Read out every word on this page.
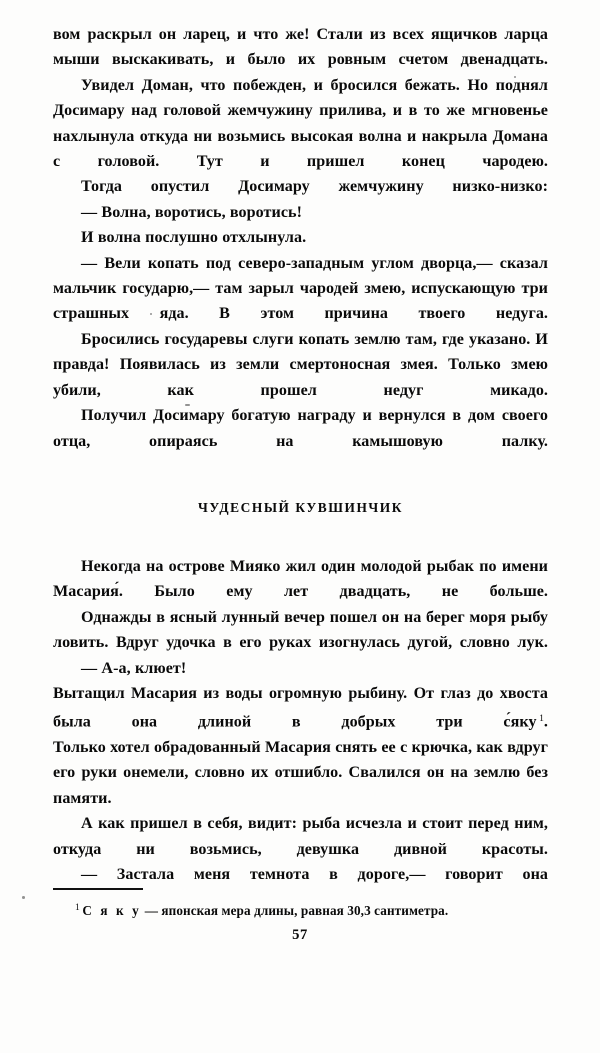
вом раскрыл он ларец, и что же! Стали из всех ящичков ларца мыши выскакивать, и было их ровным счетом двенадцать.

Увидел Доман, что побежден, и бросился бежать. Но поднял Досимару над головой жемчужину прилива, и в то же мгновенье нахлынула откуда ни возьмись высокая волна и накрыла Домана с головой. Тут и пришел конец чародею.

Тогда опустил Досимару жемчужину низко-низко:

— Волна, воротись, воротись!

И волна послушно отхлынула.

— Вели копать под северо-западным углом дворца,— сказал мальчик государю,— там зарыл чародей змею, испускающую три страшных яда. В этом причина твоего недуга.

Бросились государевы слуги копать землю там, где указано. И правда! Появилась из земли смертоносная змея. Только змею убили, как прошел недуг микадо.

Получил Досимару богатую награду и вернулся в дом своего отца, опираясь на камышовую палку.

ЧУДЕСНЫЙ КУВШИНЧИК

Некогда на острове Мияко жил один молодой рыбак по имени Масария́. Было ему лет двадцать, не больше.

Однажды в ясный лунный вечер пошел он на берег моря рыбу ловить. Вдруг удочка в его руках изогнулась дугой, словно лук.

— А-а, клюет!

Вытащил Масария из воды огромную рыбину. От глаз до хвоста была она длиной в добрых три с́яку $^1$.

Только хотел обрадованный Масария снять ее с крючка, как вдруг его руки онемели, словно их отшибло. Свалился он на землю без памяти.

А как пришел в себя, видит: рыба исчезла и стоит перед ним, откуда ни возьмись, девушка дивной красоты.

— Застала меня темнота в дороге,— говорит она

$^1$ С я к у — японская мера длины, равная 30,3 сантиметра.

57
